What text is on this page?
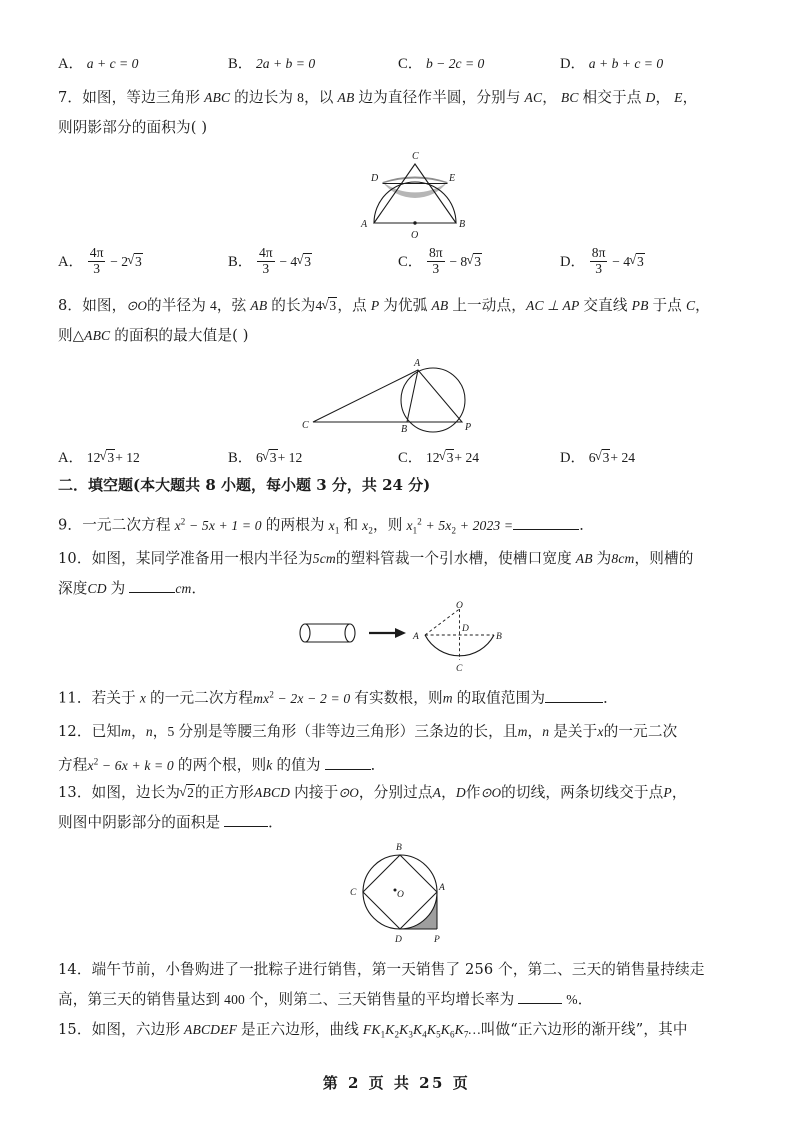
A． a + c = 0	B． 2a + b = 0	C． b − 2c = 0	D． a + b + c = 0
7．如图，等边三角形 ABC 的边长为 8，以 AB 边为直径作半圆，分别与 AC， BC 相交于点 D， E，
则阴影部分的面积为( )
C
D	E
A	B
O
A． $\frac{4\pi}{3} - 2$ √ 3	B． $\frac{4\pi}{3} - 4$ √ 3	C． $\frac{8\pi}{3} - 8$ √ 3	D． $\frac{8\pi}{3} - 4$ √ 3
8．如图，⊙O的半径为 4，弦 AB 的长为4 √ 3，点 P 为优弧 AB 上一动点，AC ⊥ AP 交直线 PB 于点 C，
则△ABC 的面积的最大值是( )
A
C	B	P
A． 12 √ 3+ 12	B． 6 √ 3+ 12	C． 12 √ 3+ 24	D． 6 √ 3+ 24
二．填空题(本大题共 8 小题，每小题 3 分，共 24 分)
9．一元二次方程 $x^2 - 5x + 1 = 0$ 的两根为 $x_1$ 和 $x_2$，则 $x_1^2 + 5x_2 + 2023$ =	．
10．如图，某同学准备用一根内半径为5cm的塑料管裁一个引水槽，使槽口宽度 AB 为8cm，则槽的
深度CD 为	cm．
O
D
A	B
C
11．若关于 x 的一元二次方程$mx^2 - 2x - 2 = 0$ 有实数根，则m 的取值范围为	．
12．已知m，n，5 分别是等腰三角形（非等边三角形）三条边的长，且m，n 是关于x的一元二次
方程$x^2 - 6x + k = 0$ 的两个根，则k 的值为	．
13．如图，边长为 √ 2的正方形ABCD 内接于⊙O，分别过点A，D作⊙O的切线，两条切线交于点P，
则图中阴影部分的面积是	．
B
C	O
A
D	P
14．端午节前，小鲁购进了一批粽子进行销售，第一天销售了 256 个，第二、三天的销售量持续走
高，第三天的销售量达到 400 个，则第二、三天销售量的平均增长率为	%．
15．如图，六边形 ABCDEF 是正六边形，曲线 $FK_1K_2K_3K_4K_5K_6K_7\dots$叫做“正六边形的渐开线”，其中
第 2 页 共 25 页
